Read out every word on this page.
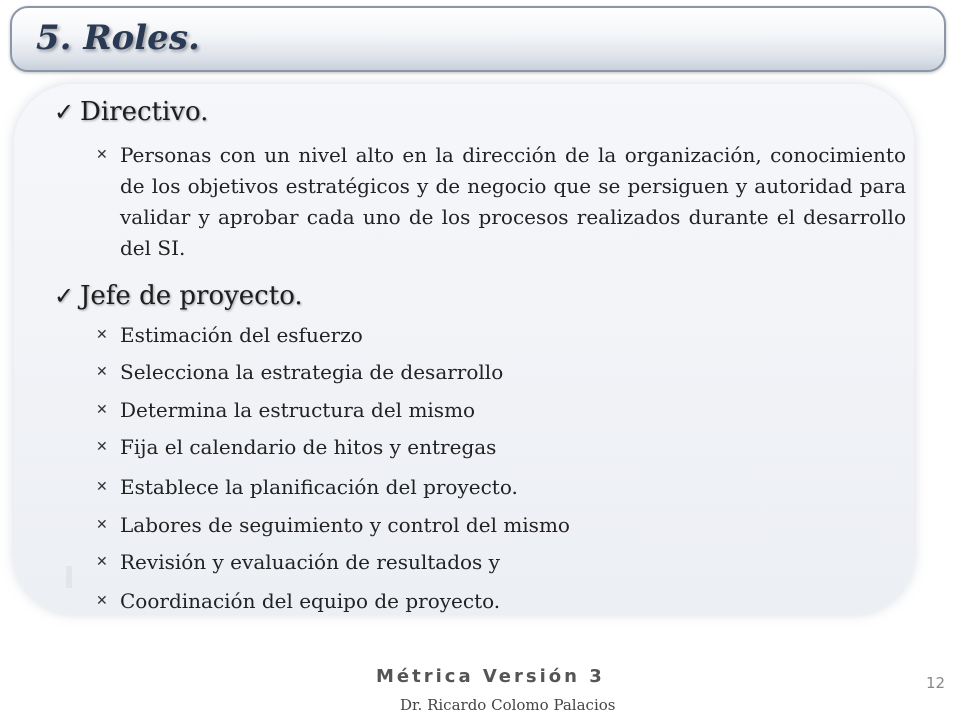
5. Roles.
✓ Directivo.
✕ Personas con un nivel alto en la dirección de la organización, conocimiento de los objetivos estratégicos y de negocio que se persiguen y autoridad para validar y aprobar cada uno de los procesos realizados durante el desarrollo del SI.
✓ Jefe de proyecto.
✕ Estimación del esfuerzo
✕ Selecciona la estrategia de desarrollo
✕ Determina la estructura del mismo
✕ Fija el calendario de hitos y entregas
✕ Establece la planificación del proyecto.
✕ Labores de seguimiento y control del mismo
✕ Revisión y evaluación de resultados y
✕ Coordinación del equipo de proyecto.
Métrica Versión 3
Dr. Ricardo Colomo Palacios
12
